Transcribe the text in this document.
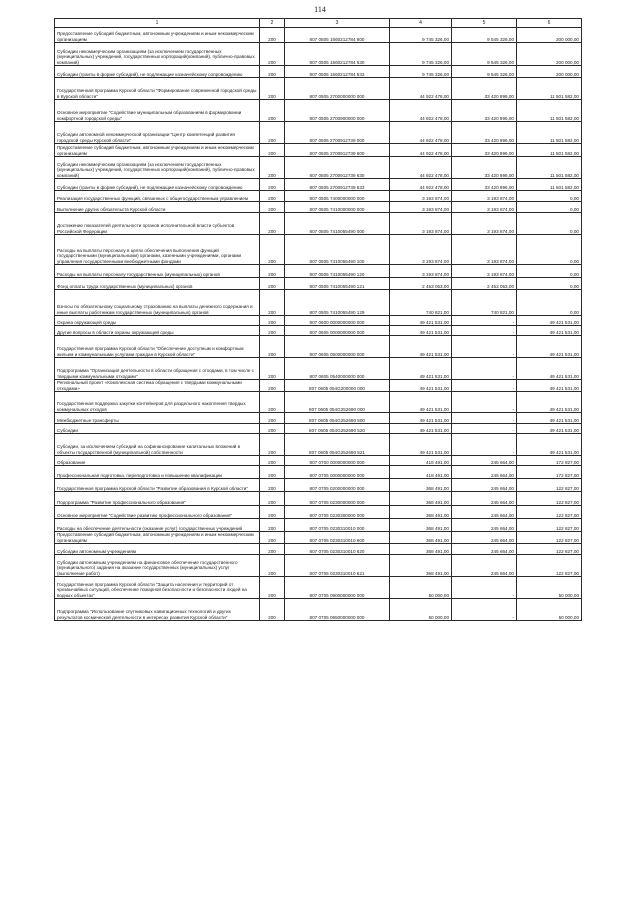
114
1	2	3	4	5	6
Предоставление субсидий бюджетным, автономным учреждениям и иным некоммерческим организациям	200	807 0505 1660212784 600	9 745 326,00	9 545 326,00	200 000,00
Субсидии некоммерческим организациям (за исключением государственных (муниципальных) учреждений, государственных корпораций(компаний), публично-правовых компаний)	200	807 0505 1660212784 630	9 745 326,00	9 545 326,00	200 000,00
Субсидии (гранты в форме субсидий), не подлежащие казначейскому сопровождению	200	807 0505 1660212784 633	9 745 326,00	9 545 326,00	200 000,00
Государственная программа Курской области "Формирование современной городской среды в Курской области"	200	807 0505 2700000000 000	44 922 478,00	33 420 896,00	11 501 582,00
Основное мероприятие "Содействие муниципальным образованиям в формировании комфортной городской среды"	200	807 0505 2700900000 000	44 922 478,00	33 420 896,00	11 501 582,00
Субсидии автономной некоммерческой организации "Центр компетенций развития городской среды Курской области"	200	807 0505 2700912739 000	44 922 478,00	33 420 896,00	11 501 582,00
Предоставление субсидий бюджетным, автономным учреждениям и иным некоммерческим организациям	200	807 0505 2700912739 600	44 922 478,00	33 420 896,00	11 501 582,00
Субсидии некоммерческим организациям (за исключением государственных (муниципальных) учреждений, государственных корпораций(компаний), публично-правовых компаний)	200	807 0505 2700912739 630	44 922 478,00	33 420 896,00	11 501 582,00
Субсидии (гранты в форме субсидий), не подлежащие казначейскому сопровождению	200	807 0505 2700912739 633	44 922 478,00	33 420 896,00	11 501 582,00
Реализация государственных функций, связанных с общегосударственным управлением	200	807 0505 7400000000 000	3 193 874,00	3 193 874,00	0,00
Выполнение других обязательств Курской области	200	807 0505 7410000000 000	3 193 874,00	3 193 874,00	0,00
Достижение показателей деятельности органов исполнительной власти субъектов Российской Федерации	200	807 0505 7410055490 000	3 193 874,00	3 193 874,00	0,00
Расходы на выплаты персоналу в целях обеспечения выполнения функций государственными (муниципальными) органами, казенными учреждениями, органами управления государственными внебюджетными фондами	200	807 0505 7410055490 100	3 193 874,00	3 193 874,00	0,00
Расходы на выплаты персоналу государственных (муниципальных) органов	200	807 0505 7410055490 120	3 193 874,00	3 193 874,00	0,00
Фонд оплаты труда государственных (муниципальных) органов	200	807 0505 7410055490 121	2 453 053,00	2 453 053,00	0,00
Взносы по обязательному социальному страхованию на выплаты денежного содержания и иные выплаты работникам государственных (муниципальных) органов	200	807 0505 7410055490 129	740 821,00	740 821,00	0,00
Охрана окружающей среды	200	807 0600 0000000000 000	49 421 531,00	-	49 421 531,00
Другие вопросы в области охраны окружающей среды	200	807 0605 0000000000 000	49 421 531,00	-	49 421 531,00
Государственная программа Курской области "Обеспечение доступным и комфортным жильем и коммунальными услугами граждан в Курской области"	200	807 0605 0500000000 000	49 421 531,00	-	49 421 531,00
Подпрограмма "Организация деятельности в области обращения с отходами, в том числе с твердыми коммунальными отходами"	200	807 0605 0540000000 000	49 421 531,00	-	49 421 531,00
Региональный проект «Комплексная система обращения с твердыми коммунальными отходами»	200	807 0605 054G200000 000	49 421 531,00	-	49 421 531,00
Государственная поддержка закупки контейнеров для раздельного накопления твердых коммунальных отходов	200	807 0605 054G252690 000	49 421 531,00	-	49 421 531,00
Межбюджетные трансферты	200	807 0605 054G252690 500	49 421 531,00	-	49 421 531,00
Субсидии	200	807 0605 054G252690 520	49 421 531,00	-	49 421 531,00
Субсидии, за исключением субсидий на софинансирование капитальных вложений в объекты государственной (муниципальной) собственности	200	807 0605 054G252690 521	49 421 531,00	-	49 421 531,00
Образование	200	807 0700 0000000000 000	418 491,00	245 664,00	172 827,00
Профессиональная подготовка, переподготовка и повышение квалификации	200	807 0705 0000000000 000	418 491,00	245 664,00	172 827,00
Государственная программа Курской области "Развитие образования в Курской области"	200	807 0705 0200000000 000	368 491,00	245 664,00	122 827,00
Подпрограмма "Развитие профессионального образования"	200	807 0705 0230000000 000	368 491,00	245 664,00	122 827,00
Основное мероприятие "Содействие развитию профессионального образования"	200	807 0705 0230300000 000	368 491,00	245 664,00	122 827,00
Расходы на обеспечение деятельности (оказание услуг) государственных учреждений	200	807 0705 0230310010 000	368 491,00	245 664,00	122 827,00
Предоставление субсидий бюджетным, автономным учреждениям и иным некоммерческим организациям	200	807 0705 0230310010 600	368 491,00	245 664,00	122 827,00
Субсидии автономным учреждениям	200	807 0705 0230310010 620	368 491,00	245 664,00	122 827,00
Субсидии автономным учреждениям на финансовое обеспечение государственного (муниципального) задания на оказание государственных (муниципальных) услуг (выполнение работ)	200	807 0705 0230310010 621	368 491,00	245 664,00	122 827,00
Государственная программа Курской области "Защита населения и территорий от чрезвычайных ситуаций, обеспечение пожарной безопасности и безопасности людей на водных объектах"	200	807 0705 0900000000 000	50 000,00	-	50 000,00
Подпрограмма "Использование спутниковых навигационных технологий и других результатов космической деятельности в интересах развития Курской области"	200	807 0705 0950000000 000	50 000,00	-	50 000,00
